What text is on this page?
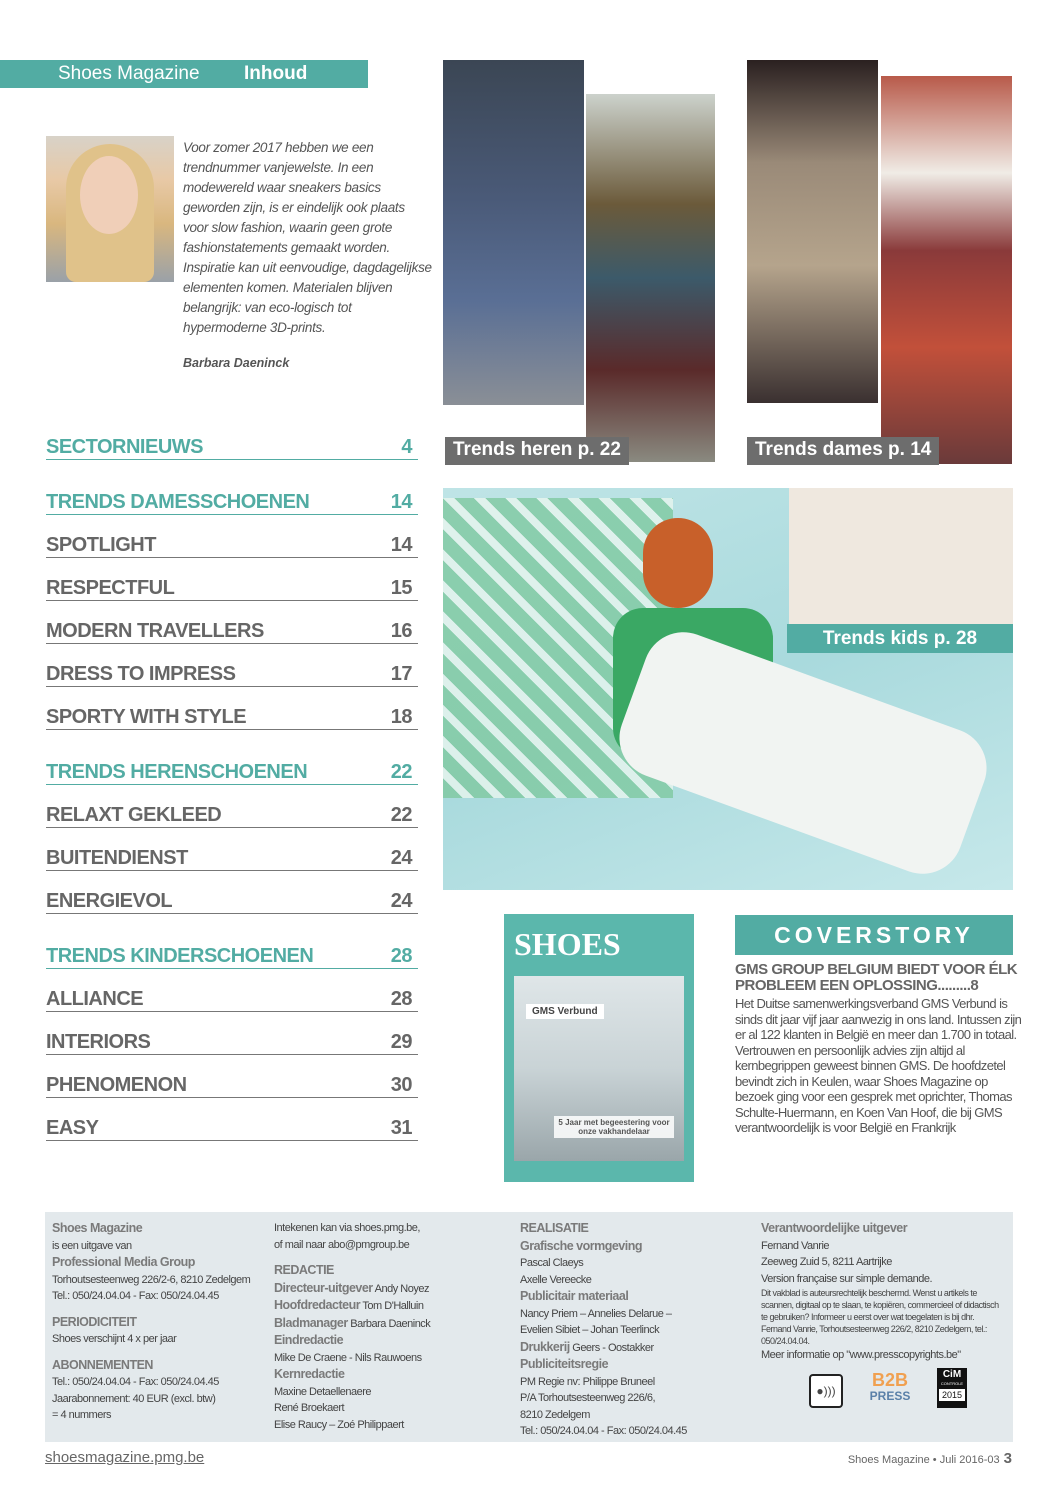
Shoes Magazine Inhoud
Voor zomer 2017 hebben we een trendnummer vanjewelste. In een modewereld waar sneakers basics geworden zijn, is er eindelijk ook plaats voor slow fashion, waarin geen grote fashionstatements gemaakt worden. Inspiratie kan uit eenvoudige, dagdagelijkse elementen komen. Materialen blijven belangrijk: van eco-logisch tot hypermoderne 3D-prints.
Barbara Daeninck
SECTORNIEUWS	4
TRENDS DAMESSCHOENEN	14
SPOTLIGHT	14
RESPECTFUL	15
MODERN TRAVELLERS	16
DRESS TO IMPRESS	17
SPORTY WITH STYLE	18
TRENDS HERENSCHOENEN	22
RELAXT GEKLEED	22
BUITENDIENST	24
ENERGIEVOL	24
TRENDS KINDERSCHOENEN	28
ALLIANCE	28
INTERIORS	29
PHENOMENON	30
EASY	31
Trends heren p. 22	Trends dames p. 14
Trends kids p. 28
SHOES
GMS Verbund
5 Jaar met begeestering voor onze vakhandelaar
COVERSTORY
GMS GROUP BELGIUM BIEDT VOOR ÉLK PROBLEEM EEN OPLOSSING.........8
Het Duitse samenwerkingsverband GMS Verbund is sinds dit jaar vijf jaar aanwezig in ons land. Intussen zijn er al 122 klanten in België en meer dan 1.700 in totaal. Vertrouwen en persoonlijk advies zijn altijd al kernbegrippen geweest binnen GMS. De hoofdzetel bevindt zich in Keulen, waar Shoes Magazine op bezoek ging voor een gesprek met oprichter, Thomas Schulte-Huermann, en Koen Van Hoof, die bij GMS verantwoordelijk is voor België en Frankrijk
Shoes Magazine
is een uitgave van
Professional Media Group
Torhoutsesteenweg 226/2-6, 8210 Zedelgem
Tel.: 050/24.04.04 - Fax: 050/24.04.45
PERIODICITEIT
Shoes verschijnt 4 x per jaar
ABONNEMENTEN
Tel.: 050/24.04.04 - Fax: 050/24.04.45
Jaarabonnement: 40 EUR (excl. btw)
= 4 nummers
Intekenen kan via shoes.pmg.be,
of mail naar abo@pmgroup.be
REDACTIE
Directeur-uitgever Andy Noyez
Hoofdredacteur Tom D'Halluin
Bladmanager Barbara Daeninck
Eindredactie
Mike De Craene - Nils Rauwoens
Kernredactie
Maxine Detaellenaere
René Broekaert
Elise Raucy – Zoé Philippaert
REALISATIE
Grafische vormgeving
Pascal Claeys
Axelle Vereecke
Publicitair materiaal
Nancy Priem – Annelies Delarue –
Evelien Sibiet – Johan Teerlinck
Drukkerij Geers - Oostakker
Publiciteitsregie
PM Regie nv: Philippe Bruneel
P/A Torhoutsesteenweg 226/6,
8210 Zedelgem
Tel.: 050/24.04.04 - Fax: 050/24.04.45
Verantwoordelijke uitgever
Fernand Vanrie
Zeeweg Zuid 5, 8211 Aartrijke
Version française sur simple demande.
Dit vakblad is auteursrechtelijk beschermd. Wenst u artikels te scannen, digitaal op te slaan, te kopiëren, commercieel of didactisch te gebruiken? Informeer u eerst over wat toegelaten is bij dhr. Fernand Vanrie, Torhoutsesteenweg 226/2, 8210 Zedelgem, tel.: 050/24.04.04.
Meer informatie op "www.presscopyrights.be"
●)))
B2B
PRESS
CiM
CONTROLE
2015
shoesmagazine.pmg.be	Shoes Magazine • Juli 2016-03 3
